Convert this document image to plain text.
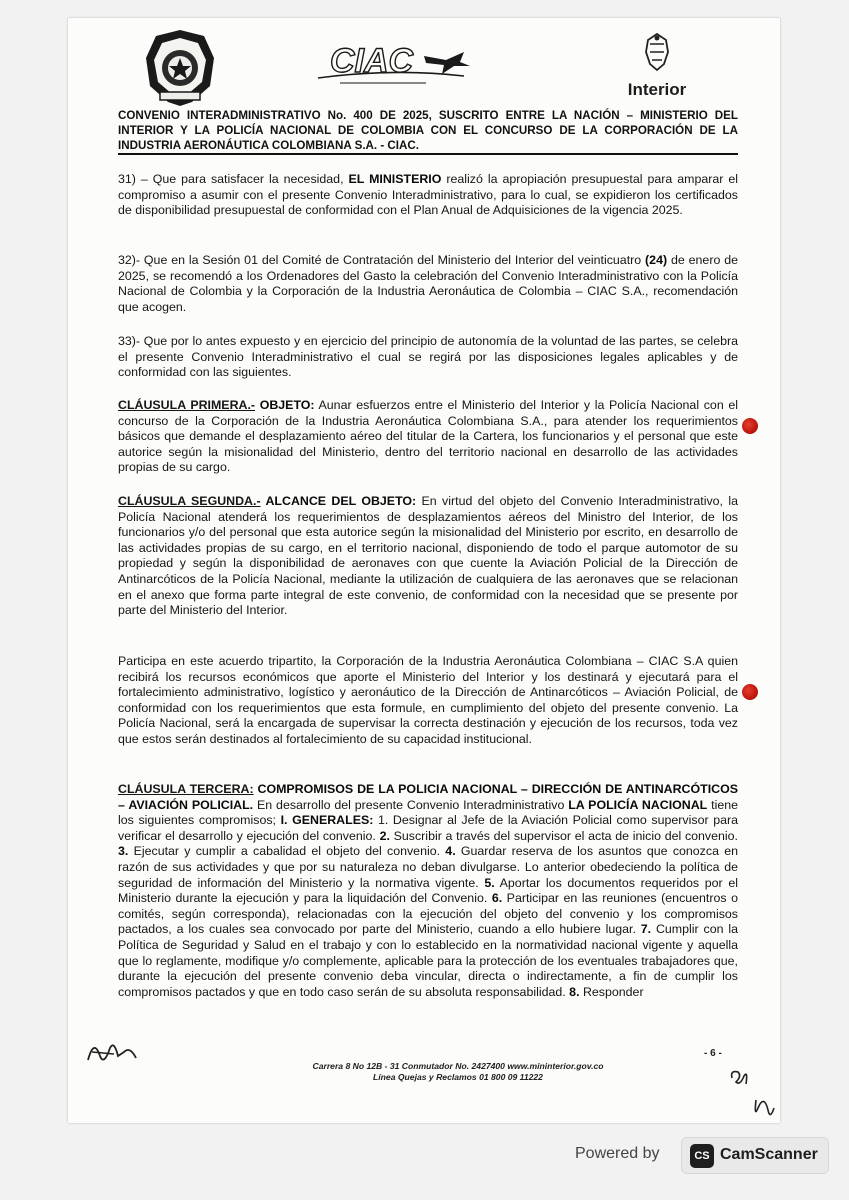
CIAC
Interior
CONVENIO INTERADMINISTRATIVO No. 400 DE 2025, SUSCRITO ENTRE LA NACIÓN – MINISTERIO DEL INTERIOR Y LA POLICÍA NACIONAL DE COLOMBIA CON EL CONCURSO DE LA CORPORACIÓN DE LA INDUSTRIA AERONÁUTICA COLOMBIANA S.A. - CIAC.
31) – Que para satisfacer la necesidad, EL MINISTERIO realizó la apropiación presupuestal para amparar el compromiso a asumir con el presente Convenio Interadministrativo, para lo cual, se expidieron los certificados de disponibilidad presupuestal de conformidad con el Plan Anual de Adquisiciones de la vigencia 2025.
32)- Que en la Sesión 01 del Comité de Contratación del Ministerio del Interior del veinticuatro (24) de enero de 2025, se recomendó a los Ordenadores del Gasto la celebración del Convenio Interadministrativo con la Policía Nacional de Colombia y la Corporación de la Industria Aeronáutica de Colombia – CIAC S.A., recomendación que acogen.
33)- Que por lo antes expuesto y en ejercicio del principio de autonomía de la voluntad de las partes, se celebra el presente Convenio Interadministrativo el cual se regirá por las disposiciones legales aplicables y de conformidad con las siguientes.
CLÁUSULA PRIMERA.- OBJETO: Aunar esfuerzos entre el Ministerio del Interior y la Policía Nacional con el concurso de la Corporación de la Industria Aeronáutica Colombiana S.A., para atender los requerimientos básicos que demande el desplazamiento aéreo del titular de la Cartera, los funcionarios y el personal que este autorice según la misionalidad del Ministerio, dentro del territorio nacional en desarrollo de las actividades propias de su cargo.
CLÁUSULA SEGUNDA.- ALCANCE DEL OBJETO: En virtud del objeto del Convenio Interadministrativo, la Policía Nacional atenderá los requerimientos de desplazamientos aéreos del Ministro del Interior, de los funcionarios y/o del personal que esta autorice según la misionalidad del Ministerio por escrito, en desarrollo de las actividades propias de su cargo, en el territorio nacional, disponiendo de todo el parque automotor de su propiedad y según la disponibilidad de aeronaves con que cuente la Aviación Policial de la Dirección de Antinarcóticos de la Policía Nacional, mediante la utilización de cualquiera de las aeronaves que se relacionan en el anexo que forma parte integral de este convenio, de conformidad con la necesidad que se presente por parte del Ministerio del Interior.
Participa en este acuerdo tripartito, la Corporación de la Industria Aeronáutica Colombiana – CIAC S.A quien recibirá los recursos económicos que aporte el Ministerio del Interior y los destinará y ejecutará para el fortalecimiento administrativo, logístico y aeronáutico de la Dirección de Antinarcóticos – Aviación Policial, de conformidad con los requerimientos que esta formule, en cumplimiento del objeto del presente convenio. La Policía Nacional, será la encargada de supervisar la correcta destinación y ejecución de los recursos, toda vez que estos serán destinados al fortalecimiento de su capacidad institucional.
CLÁUSULA TERCERA: COMPROMISOS DE LA POLICIA NACIONAL – DIRECCIÓN DE ANTINARCÓTICOS – AVIACIÓN POLICIAL. En desarrollo del presente Convenio Interadministrativo LA POLICÍA NACIONAL tiene los siguientes compromisos; I. GENERALES: 1. Designar al Jefe de la Aviación Policial como supervisor para verificar el desarrollo y ejecución del convenio. 2. Suscribir a través del supervisor el acta de inicio del convenio. 3. Ejecutar y cumplir a cabalidad el objeto del convenio. 4. Guardar reserva de los asuntos que conozca en razón de sus actividades y que por su naturaleza no deban divulgarse. Lo anterior obedeciendo la política de seguridad de información del Ministerio y la normativa vigente. 5. Aportar los documentos requeridos por el Ministerio durante la ejecución y para la liquidación del Convenio. 6. Participar en las reuniones (encuentros o comités, según corresponda), relacionadas con la ejecución del objeto del convenio y los compromisos pactados, a los cuales sea convocado por parte del Ministerio, cuando a ello hubiere lugar. 7. Cumplir con la Política de Seguridad y Salud en el trabajo y con lo establecido en la normatividad nacional vigente y aquella que lo reglamente, modifique y/o complemente, aplicable para la protección de los eventuales trabajadores que, durante la ejecución del presente convenio deba vincular, directa o indirectamente, a fin de cumplir los compromisos pactados y que en todo caso serán de su absoluta responsabilidad. 8. Responder
- 6 -
Carrera 8 No 12B - 31 Conmutador No. 2427400 www.mininterior.gov.co
Línea Quejas y Reclamos 01 800 09 11222
Powered by	CS CamScanner
